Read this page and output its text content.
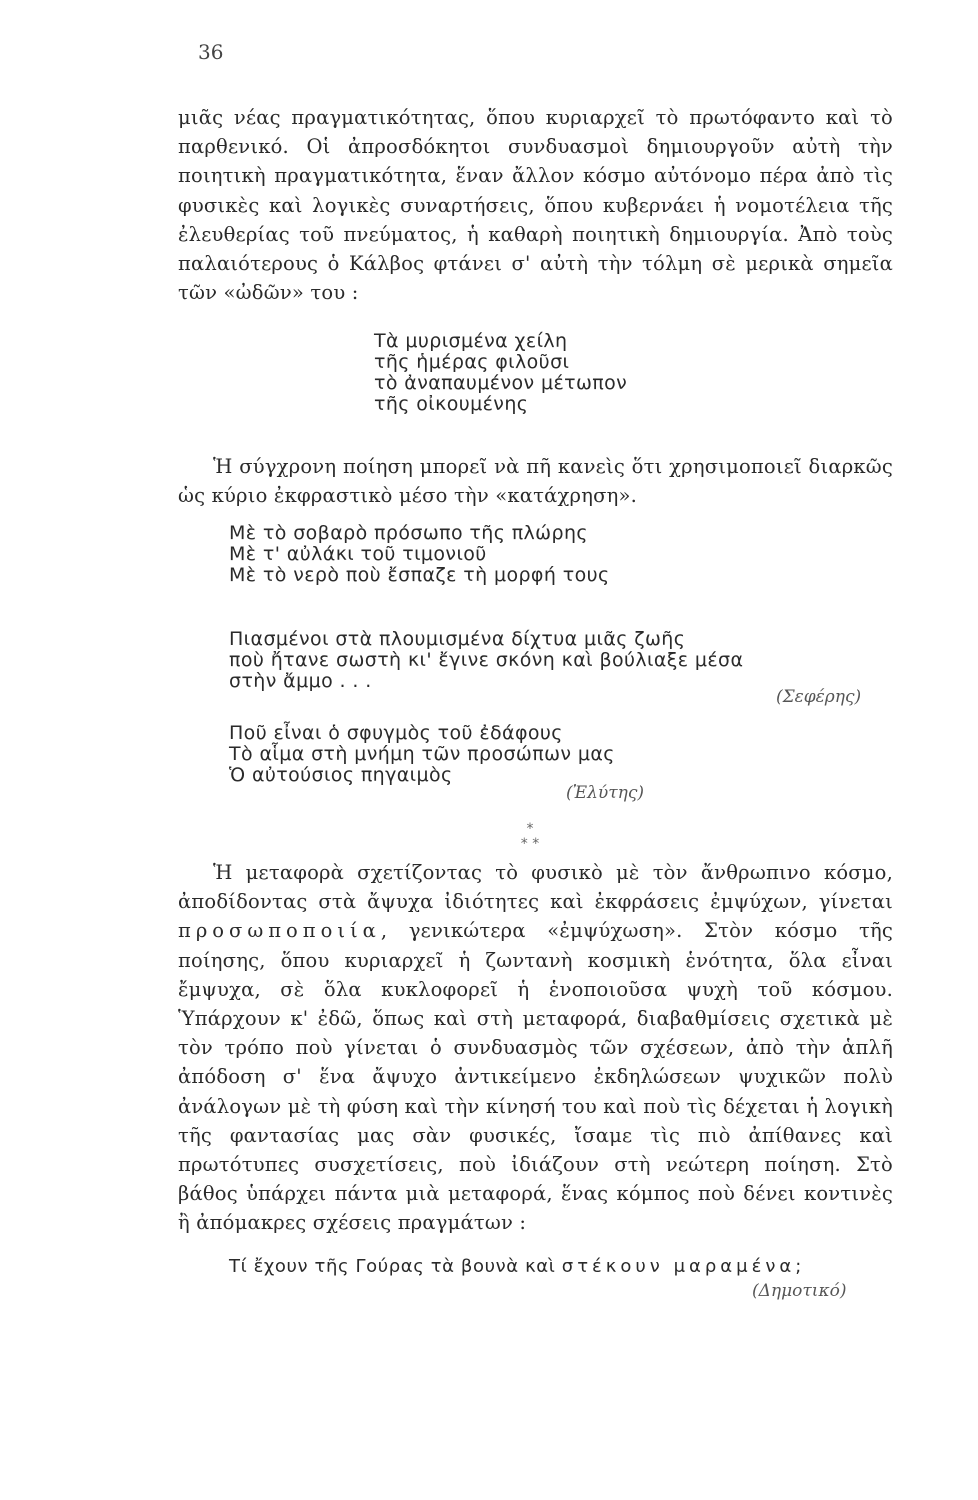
36

μιᾶς νέας πραγματικότητας, ὅπου κυριαρχεῖ τὸ πρωτόφαντο καὶ τὸ παρθενικό. Οἱ ἀπροσδόκητοι συνδυασμοὶ δημιουργοῦν αὐτὴ τὴν ποιητικὴ πραγματικότητα, ἕναν ἄλλον κόσμο αὐτόνομο πέρα ἀπὸ τὶς φυσικὲς καὶ λογικὲς συναρτήσεις, ὅπου κυβερνάει ἡ νομοτέλεια τῆς ἐλευθερίας τοῦ πνεύματος, ἡ καθαρὴ ποιητικὴ δημιουργία. Ἀπὸ τοὺς παλαιότερους ὁ Κάλβος φτάνει σ' αὐτὴ τὴν τόλμη σὲ μερικὰ σημεῖα τῶν «ὠδῶν» του :

Τὰ μυρισμένα χείλη
τῆς ἡμέρας φιλοῦσι
τὸ ἀναπαυμένον μέτωπον
τῆς οἰκουμένης

Ἡ σύγχρονη ποίηση μπορεῖ νὰ πῆ κανεὶς ὅτι χρησιμοποιεῖ διαρκῶς ὡς κύριο ἐκφραστικὸ μέσο τὴν «κατάχρηση».

Μὲ τὸ σοβαρὸ πρόσωπο τῆς πλώρης
Μὲ τ' αὐλάκι τοῦ τιμονιοῦ
Μὲ τὸ νερὸ ποὺ ἔσπαζε τὴ μορφή τους
Πιασμένοι στὰ πλουμισμένα δίχτυα μιᾶς ζωῆς
ποὺ ἤτανε σωστὴ κι' ἔγινε σκόνη καὶ βούλιαξε μέσα
στὴν ἄμμο . . .
(Σεφέρης)
Ποῦ εἶναι ὁ σφυγμὸς τοῦ ἐδάφους
Τὸ αἷμα στὴ μνήμη τῶν προσώπων μας
Ὁ αὐτούσιος πηγαιμὸς
(Ἐλύτης)
*
* *

Ἡ μεταφορὰ σχετίζοντας τὸ φυσικὸ μὲ τὸν ἄνθρωπινο κόσμο, ἀποδίδοντας στὰ ἄψυχα ἰδιότητες καὶ ἐκφράσεις ἐμψύχων, γίνεται προσωποποιία, γενικώτερα «ἐμψύχωση». Στὸν κόσμο τῆς ποίησης, ὅπου κυριαρχεῖ ἡ ζωντανὴ κοσμικὴ ἑνότητα, ὅλα εἶναι ἔμψυχα, σὲ ὅλα κυκλοφορεῖ ἡ ἑνοποιοῦσα ψυχὴ τοῦ κόσμου. Ὑπάρχουν κ' ἐδῶ, ὅπως καὶ στὴ μεταφορά, διαβαθμίσεις σχετικὰ μὲ τὸν τρόπο ποὺ γίνεται ὁ συνδυασμὸς τῶν σχέσεων, ἀπὸ τὴν ἁπλῆ ἀπόδοση σ' ἕνα ἄψυχο ἀντικείμενο ἐκδηλώσεων ψυχικῶν πολὺ ἀνάλογων μὲ τὴ φύση καὶ τὴν κίνησή του καὶ ποὺ τὶς δέχεται ἡ λογικὴ τῆς φαντασίας μας σὰν φυσικές, ἴσαμε τὶς πιὸ ἀπίθανες καὶ πρωτότυπες συσχετίσεις, ποὺ ἰδιάζουν στὴ νεώτερη ποίηση. Στὸ βάθος ὑπάρχει πάντα μιὰ μεταφορά, ἕνας κόμπος ποὺ δένει κοντινὲς ἢ ἀπόμακρες σχέσεις πραγμάτων :

Τί ἔχουν τῆς Γούρας τὰ βουνὰ καὶ στέκουν μαραμένα;
(Δημοτικό)
